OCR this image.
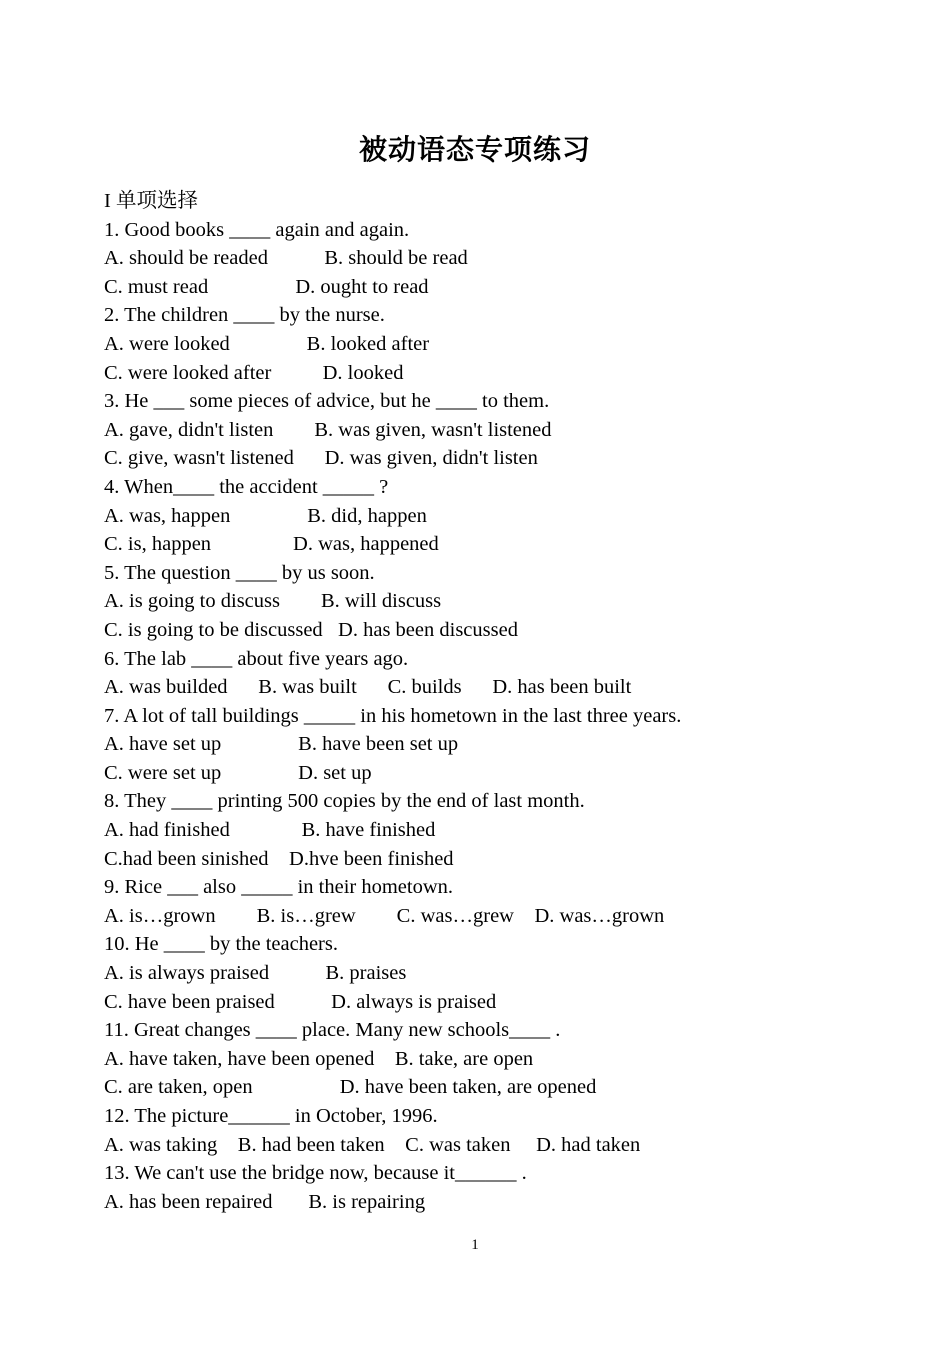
被动语态专项练习
I 单项选择
1. Good books ____ again and again.
A. should be readed           B. should be read
C. must read                 D. ought to read
2. The children ____ by the nurse.
A. were looked               B. looked after
C. were looked after          D. looked
3. He ___ some pieces of advice, but he ____ to them.
A. gave, didn't listen        B. was given, wasn't listened
C. give, wasn't listened      D. was given, didn't listen
4. When____ the accident _____ ?
A. was, happen               B. did, happen
C. is, happen                D. was, happened
5. The question ____ by us soon.
A. is going to discuss        B. will discuss
C. is going to be discussed   D. has been discussed
6. The lab ____ about five years ago.
A. was builded      B. was built      C. builds      D. has been built
7. A lot of tall buildings _____ in his hometown in the last three years.
A. have set up               B. have been set up
C. were set up               D. set up
8. They ____ printing 500 copies by the end of last month.
A. had finished              B. have finished
C.had been sinished    D.hve been finished
9. Rice ___ also _____ in their hometown.
A. is…grown        B. is…grew        C. was…grew    D. was…grown
10. He ____ by the teachers.
A. is always praised           B. praises
C. have been praised           D. always is praised
11. Great changes ____ place. Many new schools____ .
A. have taken, have been opened    B. take, are open
C. are taken, open                 D. have been taken, are opened
12. The picture______ in October, 1996.
A. was taking    B. had been taken    C. was taken     D. had taken
13. We can't use the bridge now, because it______ .
A. has been repaired       B. is repairing
1
